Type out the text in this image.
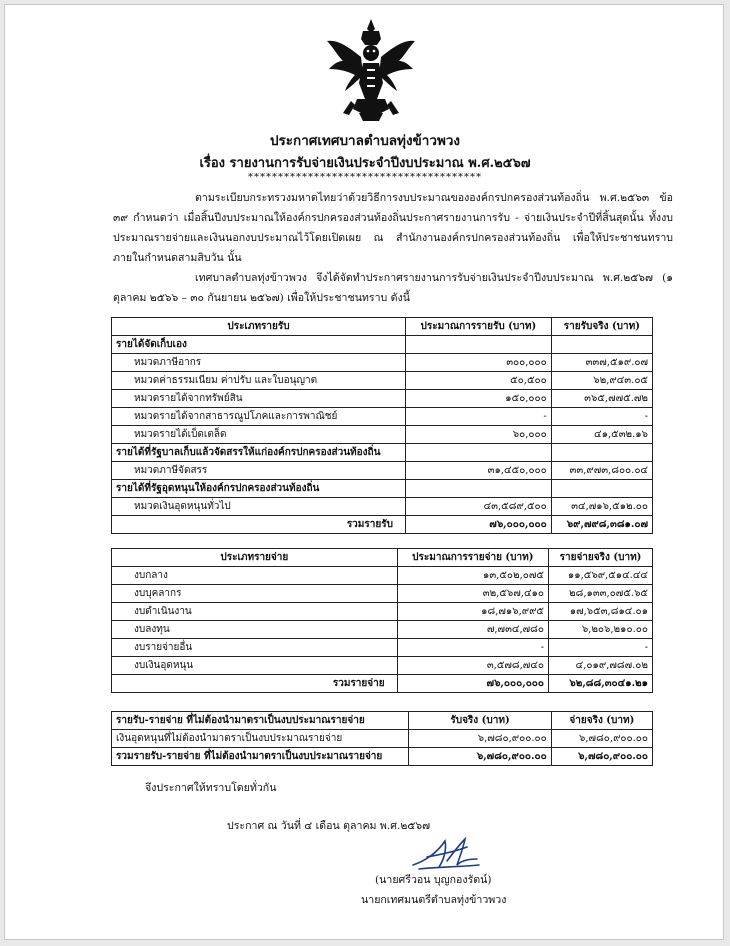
ประกาศเทศบาลตำบลทุ่งข้าวพวง
เรื่อง รายงานการรับจ่ายเงินประจำปีงบประมาณ พ.ศ.๒๕๖๗
***************************************
ตามระเบียบกระทรวงมหาดไทยว่าด้วยวิธีการงบประมาณขององค์กรปกครองส่วนท้องถิ่น พ.ศ.๒๕๖๓ ข้อ ๓๙ กำหนดว่า เมื่อสิ้นปีงบประมาณให้องค์กรปกครองส่วนท้องถิ่นประกาศรายงานการรับ - จ่ายเงินประจำปีที่สิ้นสุดนั้น ทั้งงบประมาณรายจ่ายและเงินนอกงบประมาณไว้โดยเปิดเผย ณ สำนักงานองค์กรปกครองส่วนท้องถิ่น เพื่อให้ประชาชนทราบภายในกำหนดสามสิบวัน นั้น
เทศบาลตำบลทุ่งข้าวพวง จึงได้จัดทำประกาศรายงานการรับจ่ายเงินประจำปีงบประมาณ พ.ศ.๒๕๖๗ (๑ ตุลาคม ๒๕๖๖ – ๓๐ กันยายน ๒๕๖๗) เพื่อให้ประชาชนทราบ ดังนี้
ประเภทรายรับ	ประมาณการรายรับ (บาท)	รายรับจริง (บาท)
รายได้จัดเก็บเอง		
หมวดภาษีอากร	๓๐๐,๐๐๐	๓๓๗,๕๑๙.๐๗
หมวดค่าธรรมเนียม ค่าปรับ และใบอนุญาต	๕๐,๕๐๐	๖๒,๙๔๓.๐๕
หมวดรายได้จากทรัพย์สิน	๑๕๐,๐๐๐	๓๖๕,๗๗๕.๗๒
หมวดรายได้จากสาธารณูปโภคและการพาณิชย์	-	-
หมวดรายได้เบ็ดเตล็ด	๖๐,๐๐๐	๔๑,๕๓๒.๑๖
รายได้ที่รัฐบาลเก็บแล้วจัดสรรให้แก่องค์กรปกครองส่วนท้องถิ่น		
หมวดภาษีจัดสรร	๓๑,๔๕๐,๐๐๐	๓๓,๙๗๓,๘๐๐.๐๔
รายได้ที่รัฐอุดหนุนให้องค์กรปกครองส่วนท้องถิ่น		
หมวดเงินอุดหนุนทั่วไป	๔๓,๕๘๙,๕๐๐	๓๔,๗๑๖,๕๑๒.๐๐
รวมรายรับ	๗๖,๐๐๐,๐๐๐	๖๙,๗๙๘,๓๘๑.๐๗
ประเภทรายจ่าย	ประมาณการรายจ่าย (บาท)	รายจ่ายจริง (บาท)
งบกลาง	๑๓,๕๐๒,๐๗๕	๑๑,๕๖๙,๕๑๔.๔๔
งบบุคลากร	๓๒,๕๖๗,๔๑๐	๒๘,๑๓๓,๐๗๕.๖๕
งบดำเนินงาน	๑๘,๗๑๖,๙๙๕	๑๗,๖๕๓,๘๑๔.๐๑
งบลงทุน	๗,๗๓๔,๗๘๐	๖,๒๐๖,๒๑๐.๐๐
งบรายจ่ายอื่น	-	-
งบเงินอุดหนุน	๓,๕๗๘,๗๔๐	๔,๐๑๙,๗๘๗.๐๒
รวมรายจ่าย	๗๖,๐๐๐,๐๐๐	๖๒,๘๘,๓๐๔๑.๒๑
รายรับ-รายจ่าย ที่ไม่ต้องนำมาตราเป็นงบประมาณรายจ่าย	รับจริง (บาท)	จ่ายจริง (บาท)
เงินอุดหนุนที่ไม่ต้องนำมาตราเป็นงบประมาณรายจ่าย	๖,๗๘๐,๙๐๐.๐๐	๖,๗๘๐,๙๐๐.๐๐
รวมรายรับ-รายจ่าย ที่ไม่ต้องนำมาตราเป็นงบประมาณรายจ่าย	๖,๗๘๐,๙๐๐.๐๐	๖,๗๘๐,๙๐๐.๐๐
จึงประกาศให้ทราบโดยทั่วกัน
ประกาศ ณ วันที่ ๔ เดือน ตุลาคม พ.ศ.๒๕๖๗
(นายศรีวอน บุญกองรัตน์)
นายกเทศมนตรีตำบลทุ่งข้าวพวง
